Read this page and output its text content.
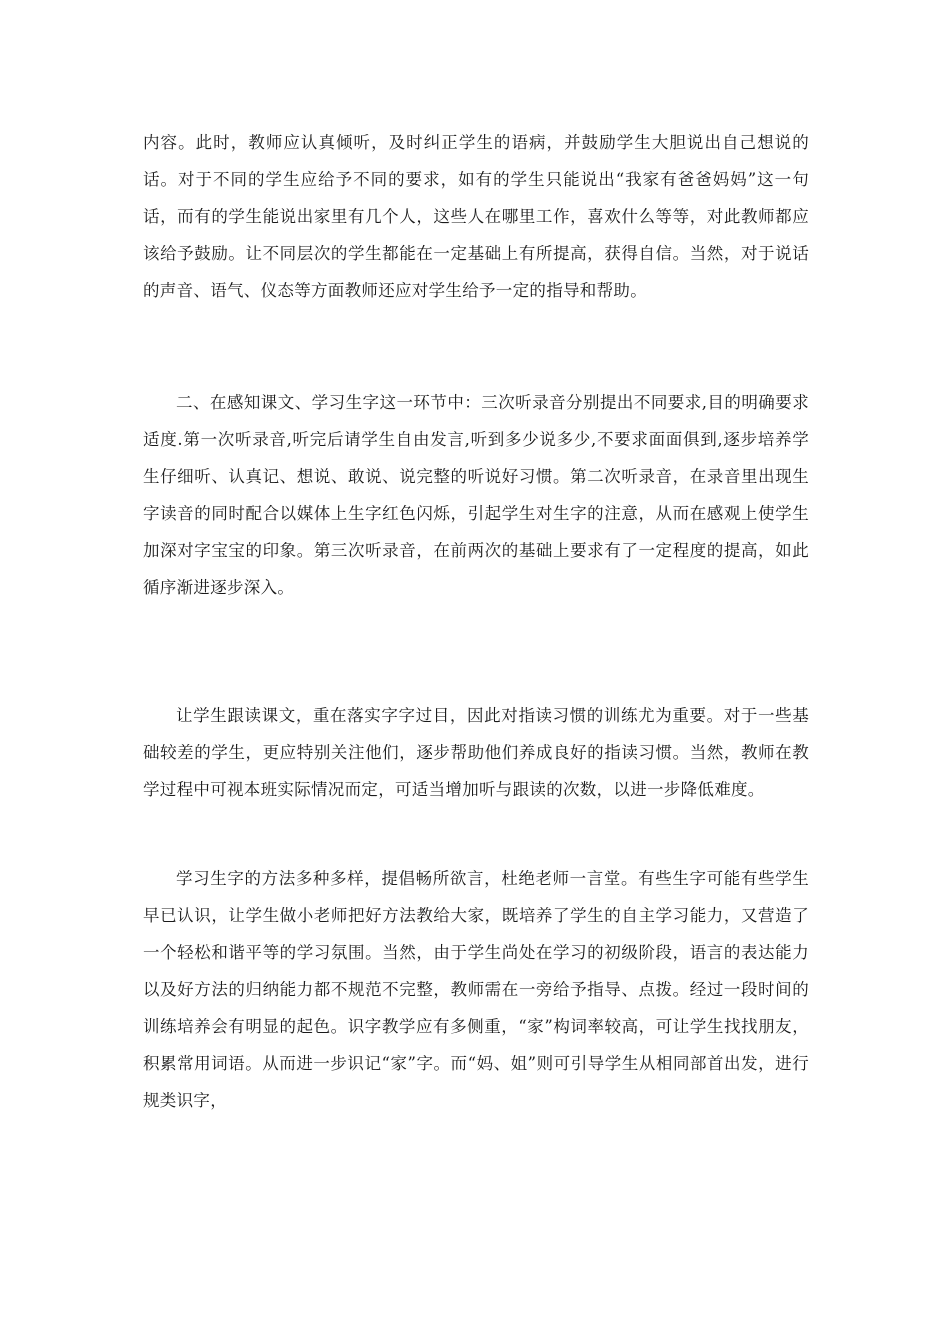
内容。此时，教师应认真倾听，及时纠正学生的语病，并鼓励学生大胆说出自己想说的话。对于不同的学生应给予不同的要求，如有的学生只能说出“我家有爸爸妈妈”这一句话，而有的学生能说出家里有几个人，这些人在哪里工作，喜欢什么等等，对此教师都应该给予鼓励。让不同层次的学生都能在一定基础上有所提高，获得自信。当然，对于说话的声音、语气、仪态等方面教师还应对学生给予一定的指导和帮助。

二、在感知课文、学习生字这一环节中：三次听录音分别提出不同要求,目的明确要求适度.第一次听录音,听完后请学生自由发言,听到多少说多少,不要求面面俱到,逐步培养学生仔细听、认真记、想说、敢说、说完整的听说好习惯。第二次听录音，在录音里出现生字读音的同时配合以媒体上生字红色闪烁，引起学生对生字的注意，从而在感观上使学生加深对字宝宝的印象。第三次听录音，在前两次的基础上要求有了一定程度的提高，如此循序渐进逐步深入。

让学生跟读课文，重在落实字字过目，因此对指读习惯的训练尤为重要。对于一些基础较差的学生，更应特别关注他们，逐步帮助他们养成良好的指读习惯。当然，教师在教学过程中可视本班实际情况而定，可适当增加听与跟读的次数，以进一步降低难度。

学习生字的方法多种多样，提倡畅所欲言，杜绝老师一言堂。有些生字可能有些学生早已认识，让学生做小老师把好方法教给大家，既培养了学生的自主学习能力，又营造了一个轻松和谐平等的学习氛围。当然，由于学生尚处在学习的初级阶段，语言的表达能力以及好方法的归纳能力都不规范不完整，教师需在一旁给予指导、点拨。经过一段时间的训练培养会有明显的起色。识字教学应有多侧重，“家”构词率较高，可让学生找找朋友，积累常用词语。从而进一步识记“家”字。而“妈、姐”则可引导学生从相同部首出发，进行规类识字，
